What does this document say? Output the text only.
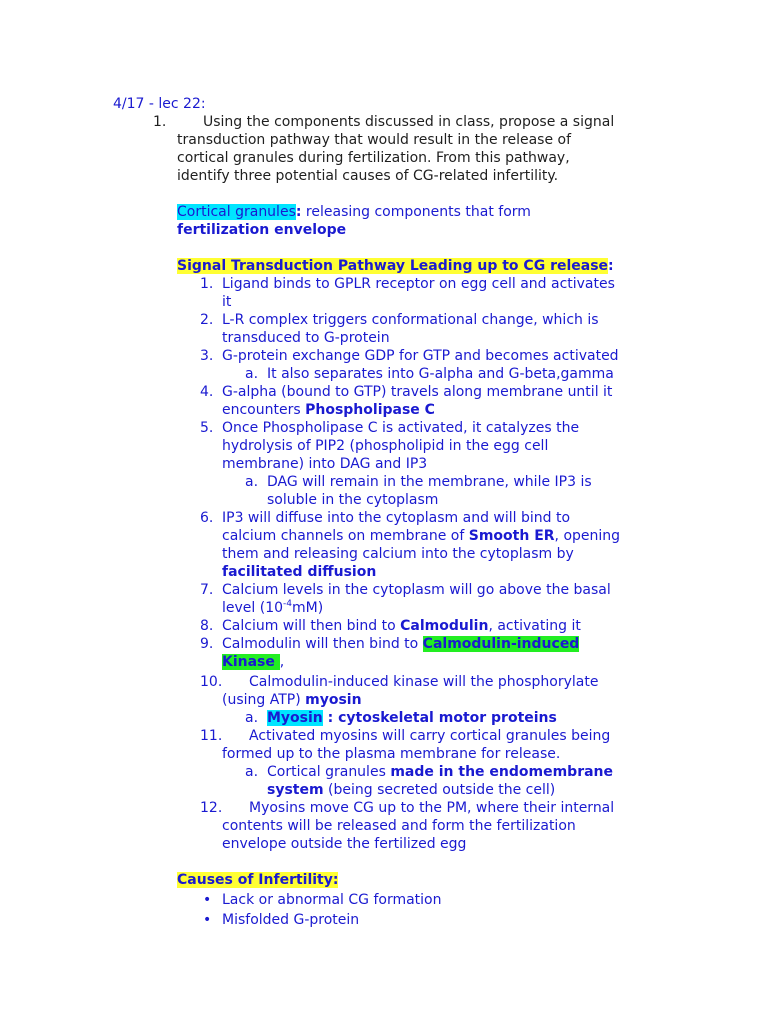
4/17 - lec 22:
1.	Using the components discussed in class, propose a signal
transduction pathway that would result in the release of
cortical granules during fertilization. From this pathway,
identify three potential causes of CG-related infertility.
Cortical granules: releasing components that form
fertilization envelope
Signal Transduction Pathway Leading up to CG release:
1. Ligand binds to GPLR receptor on egg cell and activates
it
2. L-R complex triggers conformational change, which is
transduced to G-protein
3. G-protein exchange GDP for GTP and becomes activated
a. It also separates into G-alpha and G-beta,gamma
4. G-alpha (bound to GTP) travels along membrane until it
encounters Phospholipase C
5. Once Phospholipase C is activated, it catalyzes the
hydrolysis of PIP2 (phospholipid in the egg cell
membrane) into DAG and IP3
a. DAG will remain in the membrane, while IP3 is
soluble in the cytoplasm
6. IP3 will diffuse into the cytoplasm and will bind to
calcium channels on membrane of Smooth ER, opening
them and releasing calcium into the cytoplasm by
facilitated diffusion
7. Calcium levels in the cytoplasm will go above the basal
level $(10^{-4}mM)$
8. Calcium will then bind to Calmodulin, activating it
9. Calmodulin will then bind to Calmodulin-induced
Kinase ,
10. Calmodulin-induced kinase will the phosphorylate
(using ATP) myosin
a. Myosin : cytoskeletal motor proteins
11. Activated myosins will carry cortical granules being
formed up to the plasma membrane for release.
a. Cortical granules made in the endomembrane
system (being secreted outside the cell)
12. Myosins move CG up to the PM, where their internal
contents will be released and form the fertilization
envelope outside the fertilized egg
Causes of Infertility:
• Lack or abnormal CG formation
• Misfolded G-protein
